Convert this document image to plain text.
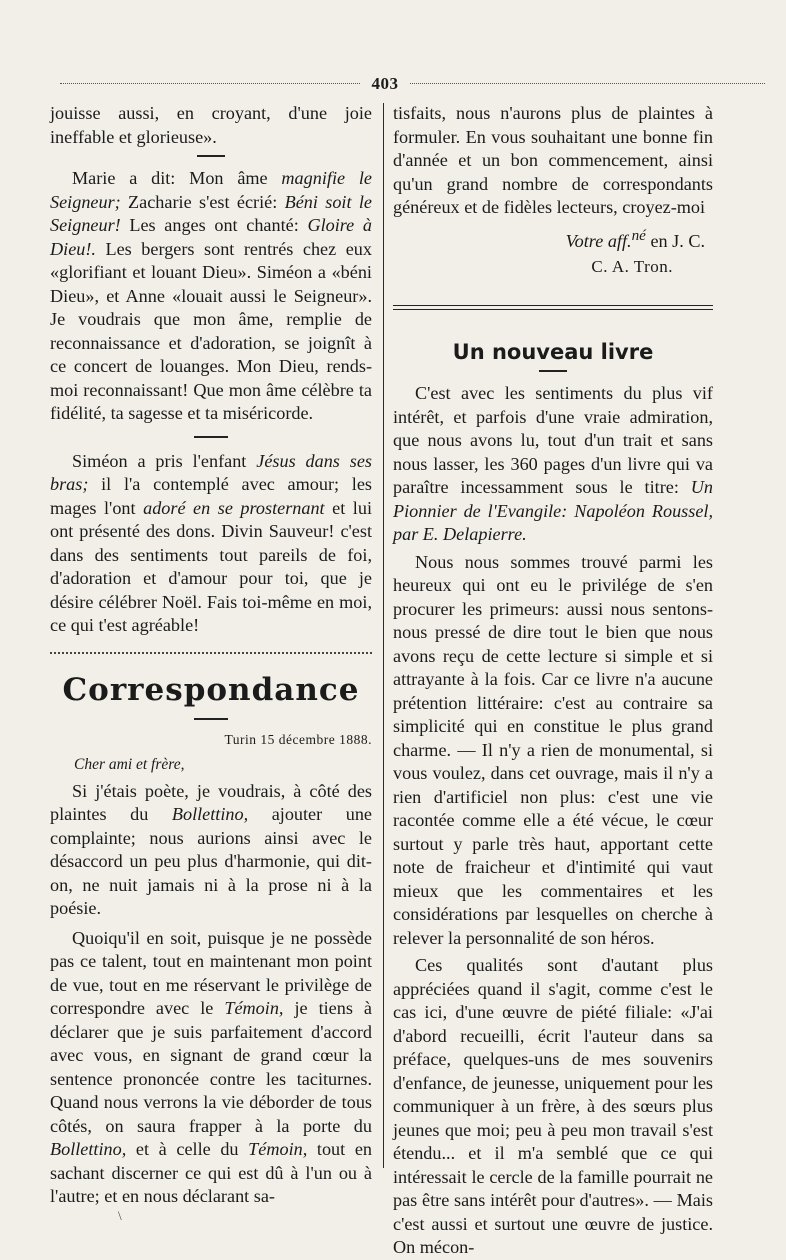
403

jouisse aussi, en croyant, d'une joie ineffable et glorieuse».

Marie a dit: Mon âme magnifie le Seigneur; Zacharie s'est écrié: Béni soit le Seigneur! Les anges ont chanté: Gloire à Dieu!. Les bergers sont rentrés chez eux «glorifiant et louant Dieu». Siméon a «béni Dieu», et Anne «louait aussi le Seigneur». Je voudrais que mon âme, remplie de reconnaissance et d'adoration, se joignît à ce concert de louanges. Mon Dieu, rends-moi reconnaissant! Que mon âme célèbre ta fidélité, ta sagesse et ta miséricorde.

Siméon a pris l'enfant Jésus dans ses bras; il l'a contemplé avec amour; les mages l'ont adoré en se prosternant et lui ont présenté des dons. Divin Sauveur! c'est dans des sentiments tout pareils de foi, d'adoration et d'amour pour toi, que je désire célébrer Noël. Fais toi-même en moi, ce qui t'est agréable!

Correspondance
Turin 15 décembre 1888.
Cher ami et frère,

Si j'étais poète, je voudrais, à côté des plaintes du Bollettino, ajouter une complainte; nous aurions ainsi avec le désaccord un peu plus d'harmonie, qui dit-on, ne nuit jamais ni à la prose ni à la poésie.

Quoiqu'il en soit, puisque je ne possède pas ce talent, tout en maintenant mon point de vue, tout en me réservant le privilège de correspondre avec le Témoin, je tiens à déclarer que je suis parfaitement d'accord avec vous, en signant de grand cœur la sentence prononcée contre les taciturnes. Quand nous verrons la vie déborder de tous côtés, on saura frapper à la porte du Bollettino, et à celle du Témoin, tout en sachant discerner ce qui est dû à l'un ou à l'autre; et en nous déclarant sa-

tisfaits, nous n'aurons plus de plaintes à formuler. En vous souhaitant une bonne fin d'année et un bon commencement, ainsi qu'un grand nombre de correspondants généreux et de fidèles lecteurs, croyez-moi

Votre aff.$^{né}$ en J. C.

C. A. Tron.
Un nouveau livre

C'est avec les sentiments du plus vif intérêt, et parfois d'une vraie admiration, que nous avons lu, tout d'un trait et sans nous lasser, les 360 pages d'un livre qui va paraître incessamment sous le titre: Un Pionnier de l'Evangile: Napoléon Roussel, par E. Delapierre.

Nous nous sommes trouvé parmi les heureux qui ont eu le privilége de s'en procurer les primeurs: aussi nous sentons-nous pressé de dire tout le bien que nous avons reçu de cette lecture si simple et si attrayante à la fois. Car ce livre n'a aucune prétention littéraire: c'est au contraire sa simplicité qui en constitue le plus grand charme. — Il n'y a rien de monumental, si vous voulez, dans cet ouvrage, mais il n'y a rien d'artificiel non plus: c'est une vie racontée comme elle a été vécue, le cœur surtout y parle très haut, apportant cette note de fraicheur et d'intimité qui vaut mieux que les commentaires et les considérations par lesquelles on cherche à relever la personnalité de son héros.

Ces qualités sont d'autant plus appréciées quand il s'agit, comme c'est le cas ici, d'une œuvre de piété filiale: «J'ai d'abord recueilli, écrit l'auteur dans sa préface, quelques-uns de mes souvenirs d'enfance, de jeunesse, uniquement pour les communiquer à un frère, à des sœurs plus jeunes que moi; peu à peu mon travail s'est étendu... et il m'a semblé que ce qui intéressait le cercle de la famille pourrait ne pas être sans intérêt pour d'autres». — Mais c'est aussi et surtout une œuvre de justice. On mécon-

\
